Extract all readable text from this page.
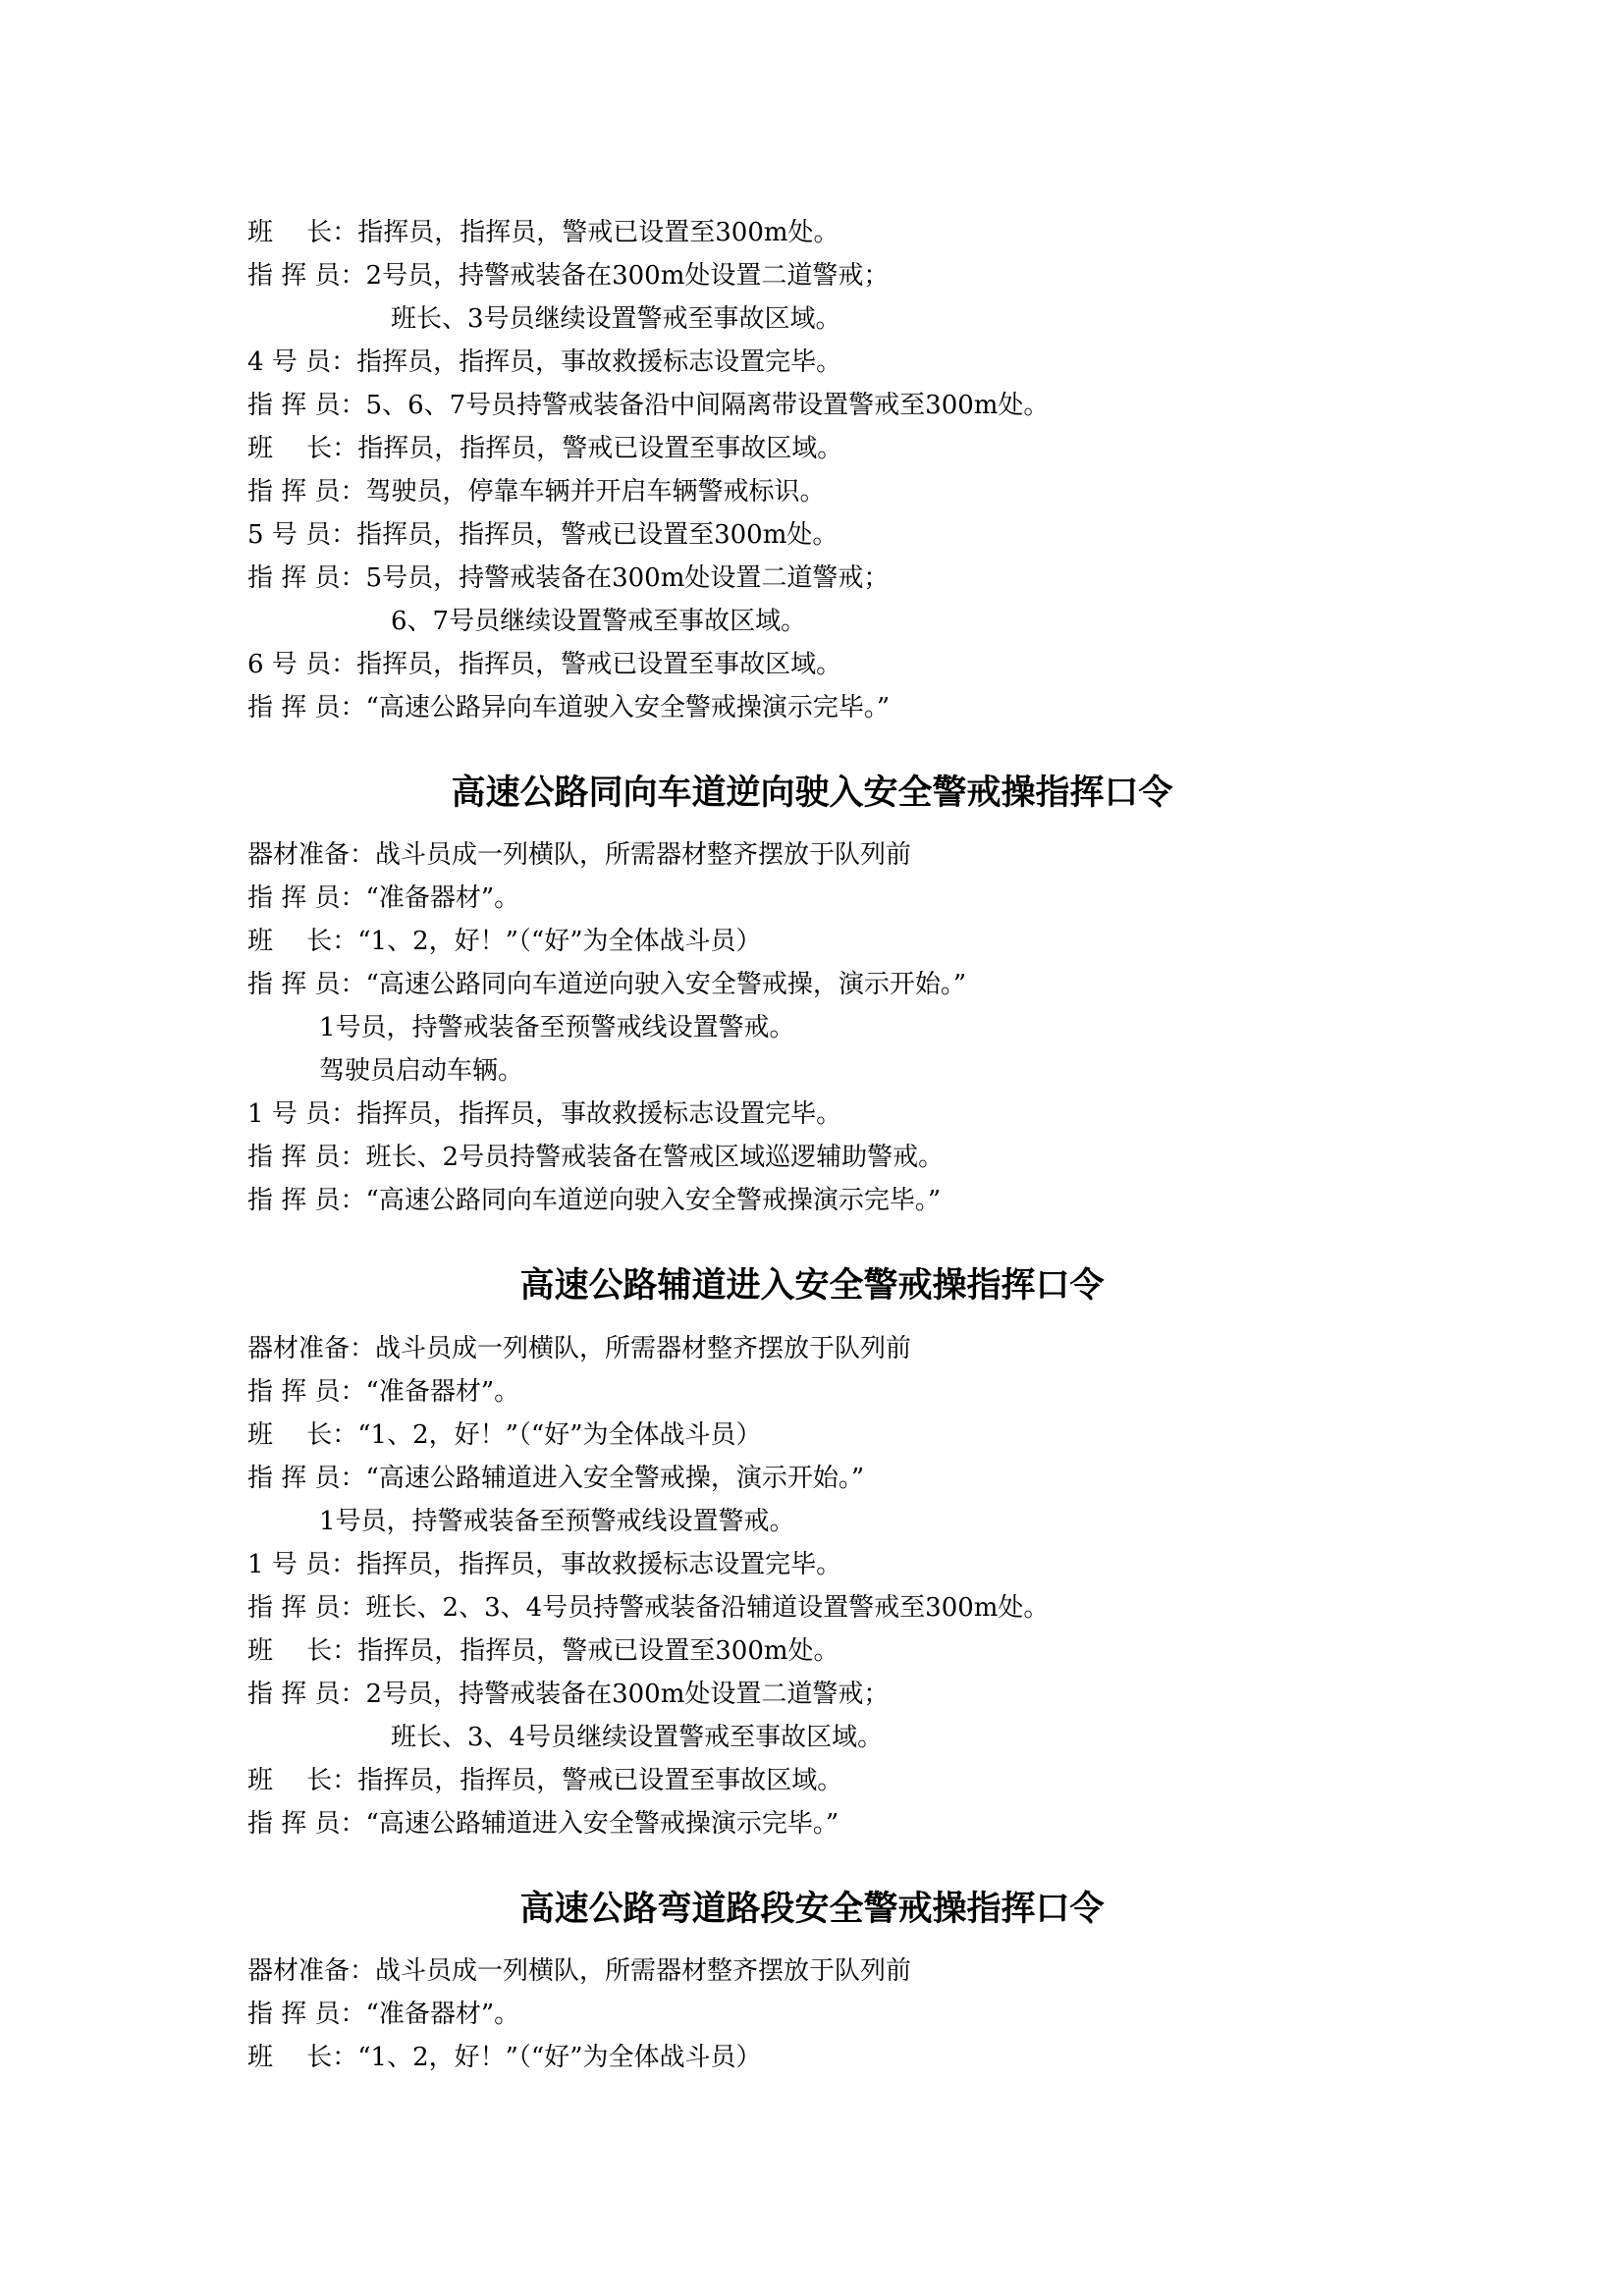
班　 长：指挥员，指挥员，警戒已设置至300m处。
指 挥 员：2号员，持警戒装备在300m处设置二道警戒；
班长、3号员继续设置警戒至事故区域。
4 号 员：指挥员，指挥员，事故救援标志设置完毕。
指 挥 员：5、6、7号员持警戒装备沿中间隔离带设置警戒至300m处。
班　 长：指挥员，指挥员，警戒已设置至事故区域。
指 挥 员：驾驶员，停靠车辆并开启车辆警戒标识。
5 号 员：指挥员，指挥员，警戒已设置至300m处。
指 挥 员：5号员，持警戒装备在300m处设置二道警戒；
6、7号员继续设置警戒至事故区域。
6 号 员：指挥员，指挥员，警戒已设置至事故区域。
指 挥 员：“高速公路异向车道驶入安全警戒操演示完毕。”
高速公路同向车道逆向驶入安全警戒操指挥口令
器材准备：战斗员成一列横队，所需器材整齐摆放于队列前
指 挥 员：“准备器材”。
班　 长：“1、2，好！”（“好”为全体战斗员）
指 挥 员：“高速公路同向车道逆向驶入安全警戒操，演示开始。”
1号员，持警戒装备至预警戒线设置警戒。
驾驶员启动车辆。
1 号 员：指挥员，指挥员，事故救援标志设置完毕。
指 挥 员：班长、2号员持警戒装备在警戒区域巡逻辅助警戒。
指 挥 员：“高速公路同向车道逆向驶入安全警戒操演示完毕。”
高速公路辅道进入安全警戒操指挥口令
器材准备：战斗员成一列横队，所需器材整齐摆放于队列前
指 挥 员：“准备器材”。
班　 长：“1、2，好！”（“好”为全体战斗员）
指 挥 员：“高速公路辅道进入安全警戒操，演示开始。”
1号员，持警戒装备至预警戒线设置警戒。
1 号 员：指挥员，指挥员，事故救援标志设置完毕。
指 挥 员：班长、2、3、4号员持警戒装备沿辅道设置警戒至300m处。
班　 长：指挥员，指挥员，警戒已设置至300m处。
指 挥 员：2号员，持警戒装备在300m处设置二道警戒；
班长、3、4号员继续设置警戒至事故区域。
班　 长：指挥员，指挥员，警戒已设置至事故区域。
指 挥 员：“高速公路辅道进入安全警戒操演示完毕。”
高速公路弯道路段安全警戒操指挥口令
器材准备：战斗员成一列横队，所需器材整齐摆放于队列前
指 挥 员：“准备器材”。
班　 长：“1、2，好！”（“好”为全体战斗员）
